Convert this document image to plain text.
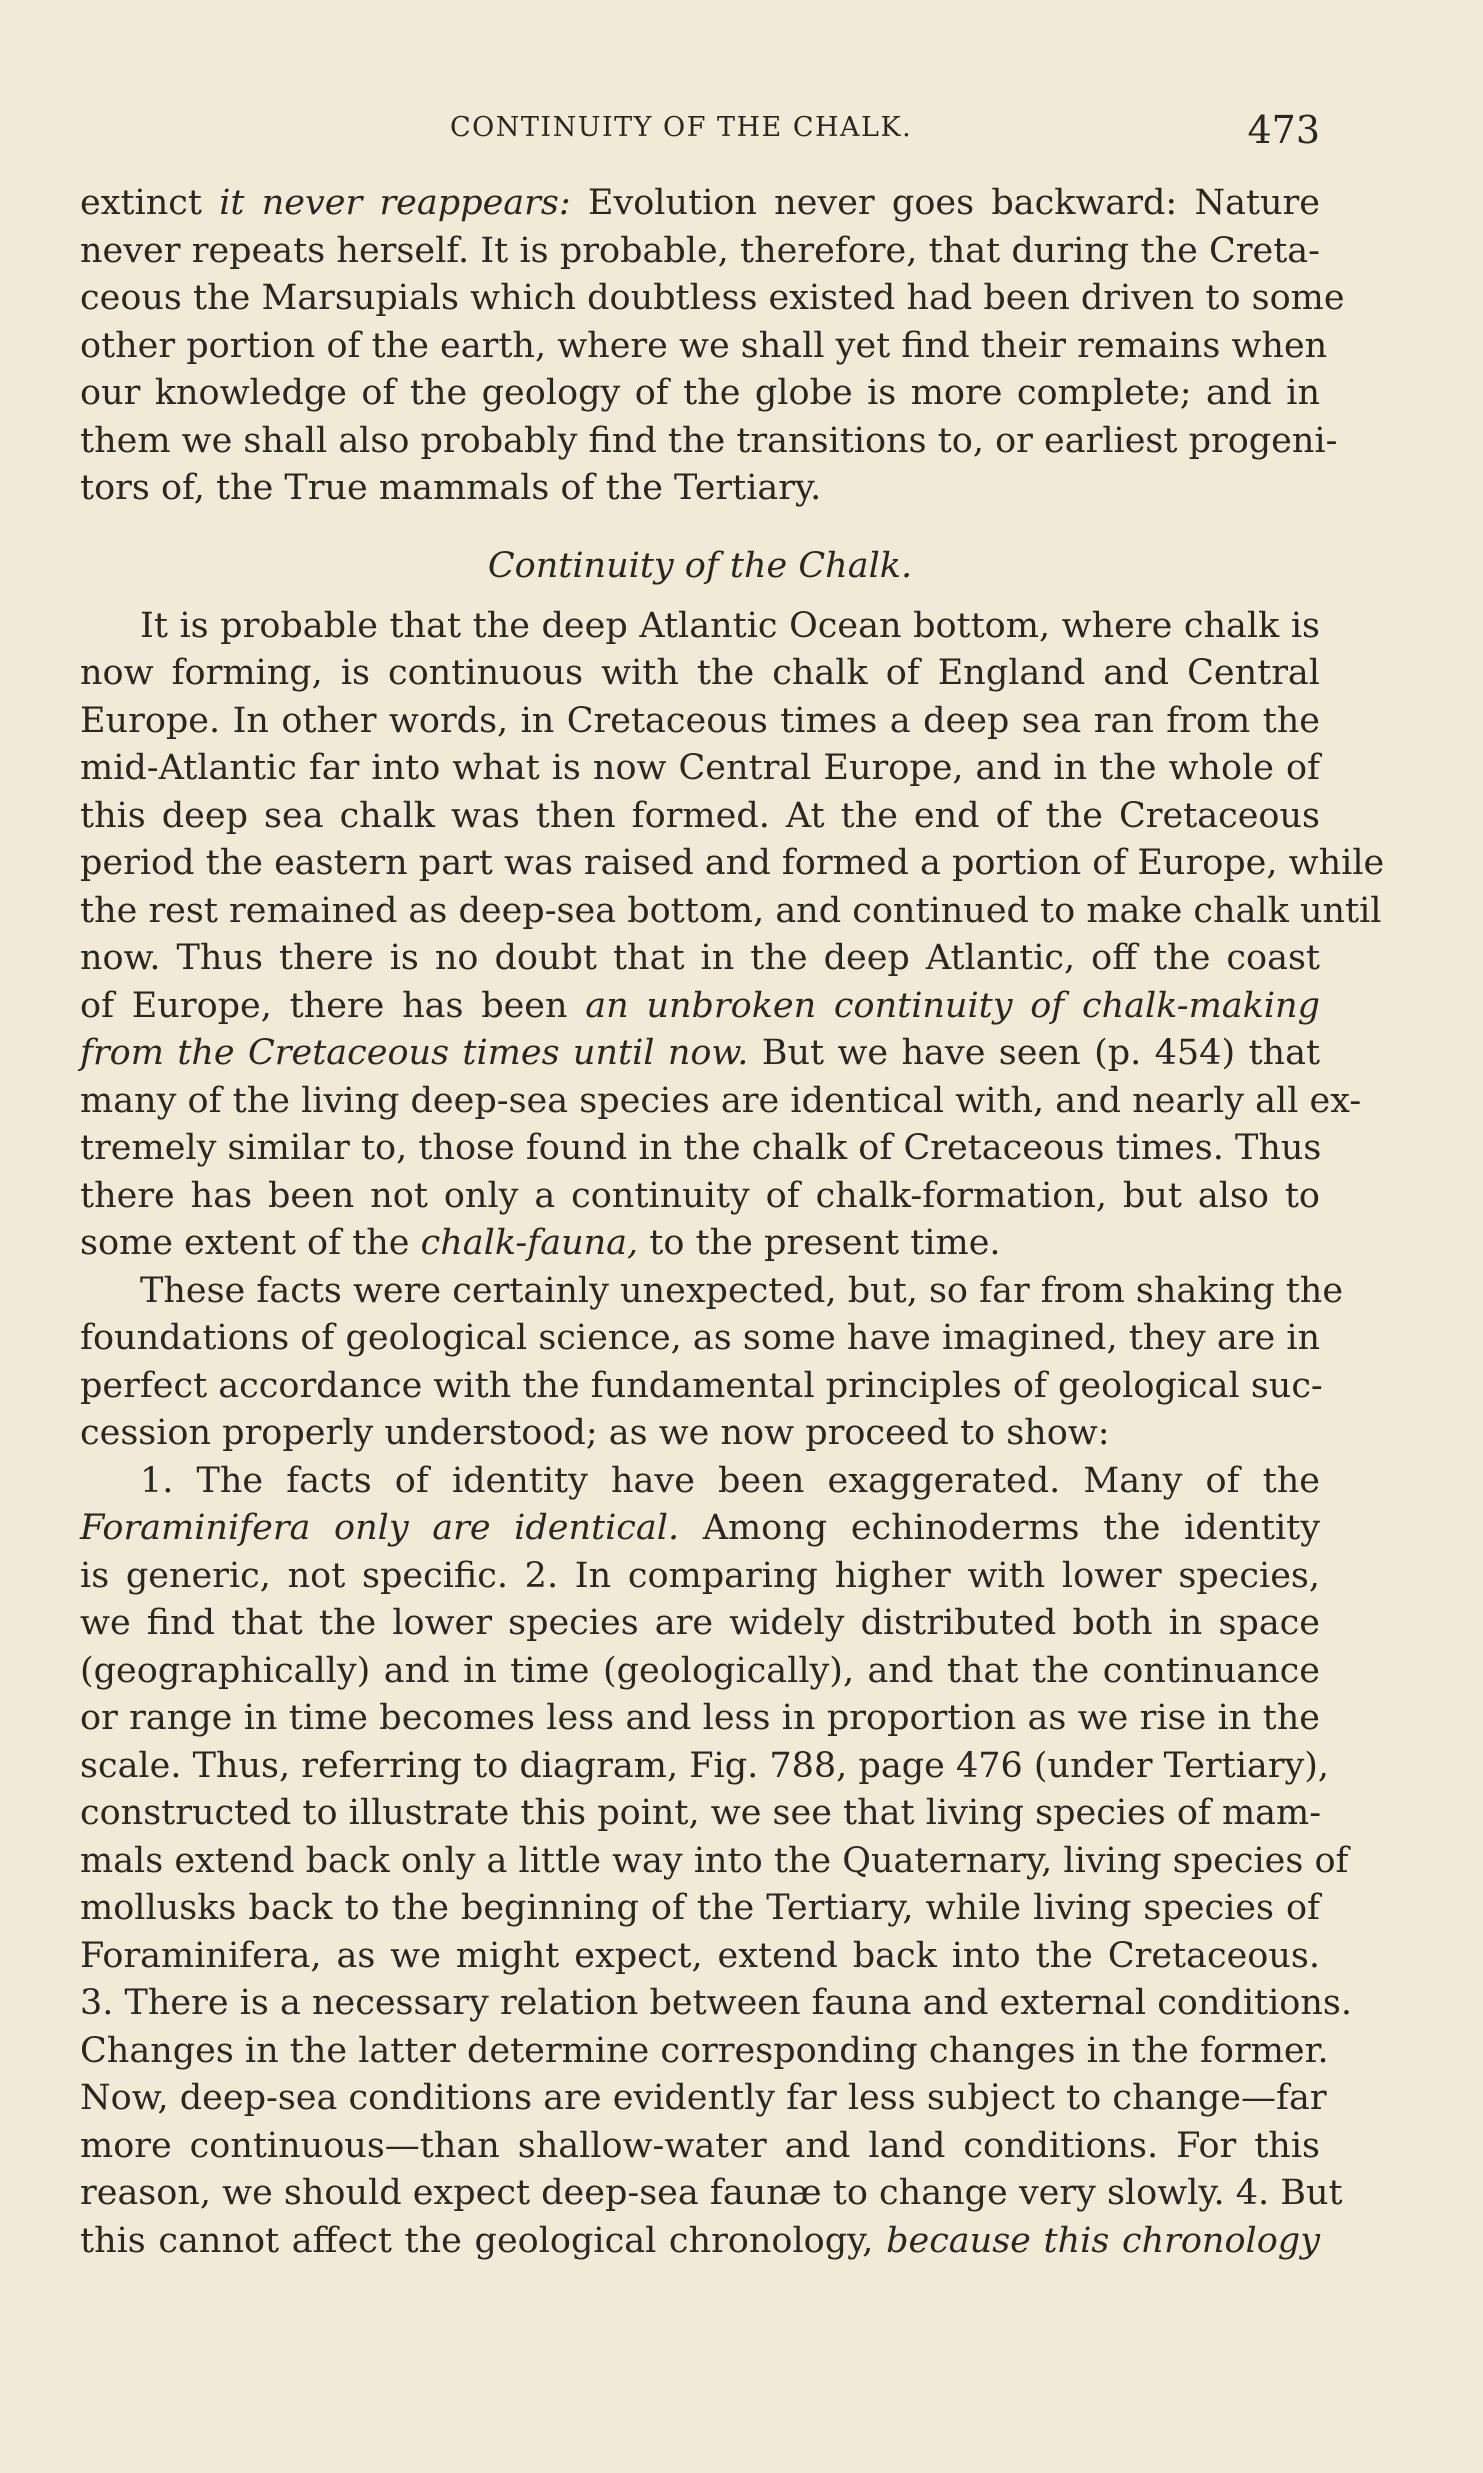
CONTINUITY OF THE CHALK.	473
extinct it never reappears: Evolution never goes backward: Nature
never repeats herself. It is probable, therefore, that during the Creta-
ceous the Marsupials which doubtless existed had been driven to some
other portion of the earth, where we shall yet find their remains when
our knowledge of the geology of the globe is more complete; and in
them we shall also probably find the transitions to, or earliest progeni-
tors of, the True mammals of the Tertiary.
Continuity of the Chalk.
It is probable that the deep Atlantic Ocean bottom, where chalk is
now forming, is continuous with the chalk of England and Central
Europe. In other words, in Cretaceous times a deep sea ran from the
mid-Atlantic far into what is now Central Europe, and in the whole of
this deep sea chalk was then formed. At the end of the Cretaceous
period the eastern part was raised and formed a portion of Europe, while
the rest remained as deep-sea bottom, and continued to make chalk until
now. Thus there is no doubt that in the deep Atlantic, off the coast
of Europe, there has been an unbroken continuity of chalk-making
from the Cretaceous times until now. But we have seen (p. 454) that
many of the living deep-sea species are identical with, and nearly all ex-
tremely similar to, those found in the chalk of Cretaceous times. Thus
there has been not only a continuity of chalk-formation, but also to
some extent of the chalk-fauna, to the present time.
These facts were certainly unexpected, but, so far from shaking the
foundations of geological science, as some have imagined, they are in
perfect accordance with the fundamental principles of geological suc-
cession properly understood; as we now proceed to show:
1. The facts of identity have been exaggerated. Many of the
Foraminifera only are identical. Among echinoderms the identity
is generic, not specific. 2. In comparing higher with lower species,
we find that the lower species are widely distributed both in space
(geographically) and in time (geologically), and that the continuance
or range in time becomes less and less in proportion as we rise in the
scale. Thus, referring to diagram, Fig. 788, page 476 (under Tertiary),
constructed to illustrate this point, we see that living species of mam-
mals extend back only a little way into the Quaternary, living species of
mollusks back to the beginning of the Tertiary, while living species of
Foraminifera, as we might expect, extend back into the Cretaceous.
3. There is a necessary relation between fauna and external conditions.
Changes in the latter determine corresponding changes in the former.
Now, deep-sea conditions are evidently far less subject to change—far
more continuous—than shallow-water and land conditions. For this
reason, we should expect deep-sea faunæ to change very slowly. 4. But
this cannot affect the geological chronology, because this chronology
